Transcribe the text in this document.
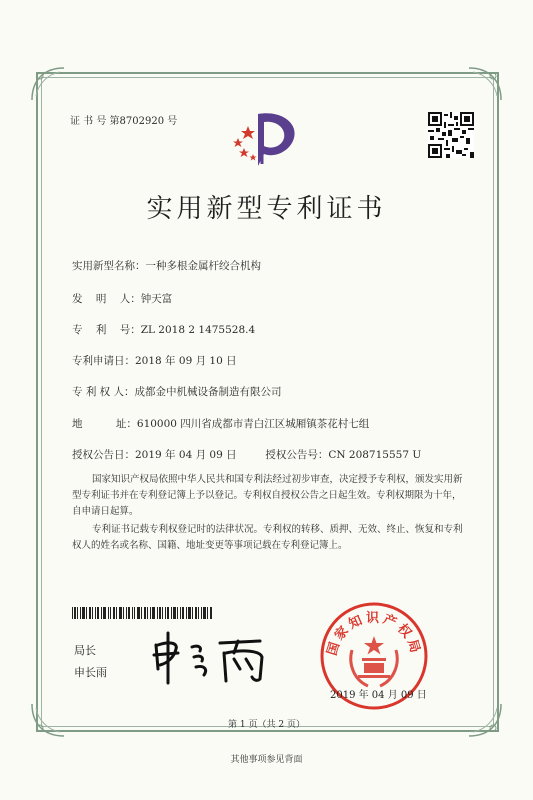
证 书 号 第8702920 号
实用新型专利证书
实用新型名称：一种多根金属杆绞合机构
发    明    人：钟天富
专    利    号：ZL 2018 2 1475528.4
专利申请日：2018 年 09 月 10 日
专 利 权 人：成都金中机械设备制造有限公司
地          址：610000 四川省成都市青白江区城厢镇茶花村七组
授权公告日：2019 年 04 月 09 日	授权公告号：CN 208715557 U
国家知识产权局依照中华人民共和国专利法经过初步审查，决定授予专利权，颁发实用新型专利证书并在专利登记簿上予以登记。专利权自授权公告之日起生效。专利权期限为十年，自申请日起算。
专利证书记载专利权登记时的法律状况。专利权的转移、质押、无效、终止、恢复和专利权人的姓名或名称、国籍、地址变更等事项记载在专利登记簿上。
局长
申长雨
国家知识产权局
2019 年 04 月 09 日
第 1 页（共 2 页）
其他事项参见背面
